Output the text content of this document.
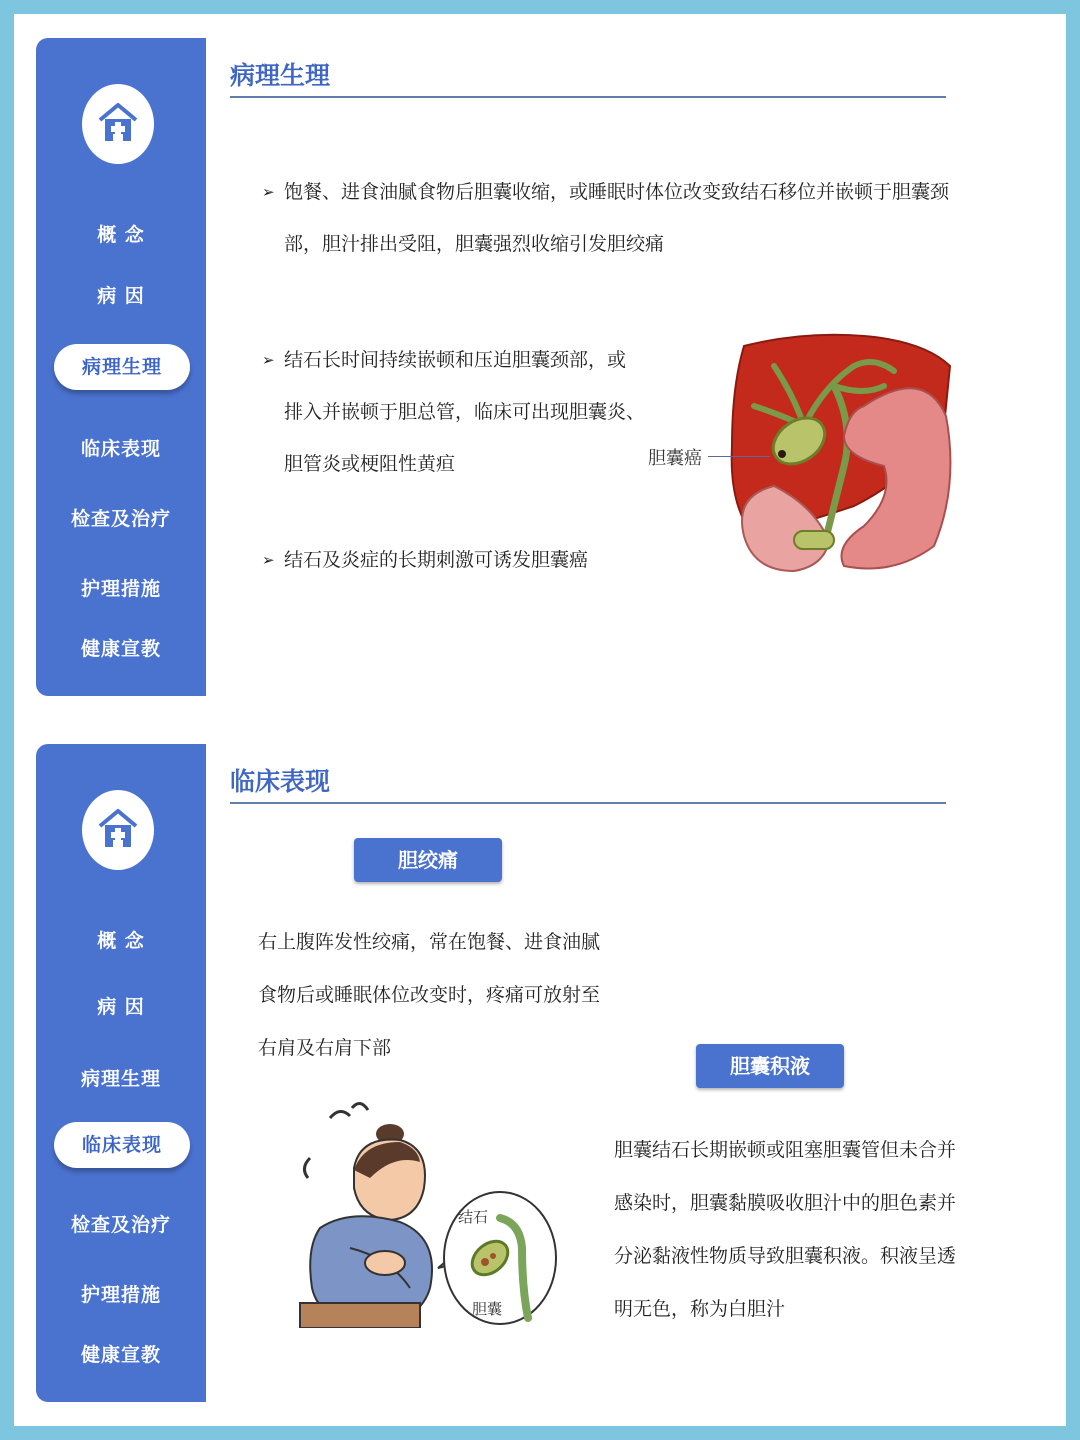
概 念
病 因
病理生理
临床表现
检查及治疗
护理措施
健康宣教
病理生理
➢ 饱餐、进食油腻食物后胆囊收缩，或睡眠时体位改变致结石移位并嵌顿于胆囊颈
部，胆汁排出受阻，胆囊强烈收缩引发胆绞痛
➢ 结石长时间持续嵌顿和压迫胆囊颈部，或
排入并嵌顿于胆总管，临床可出现胆囊炎、
胆管炎或梗阻性黄疸
➢ 结石及炎症的长期刺激可诱发胆囊癌
胆囊癌
概 念
病 因
病理生理
临床表现
检查及治疗
护理措施
健康宣教
临床表现
胆绞痛
右上腹阵发性绞痛，常在饱餐、进食油腻
食物后或睡眠体位改变时，疼痛可放射至
右肩及右肩下部
胆囊积液
胆囊结石长期嵌顿或阻塞胆囊管但未合并
感染时，胆囊黏膜吸收胆汁中的胆色素并
分泌黏液性物质导致胆囊积液。积液呈透
明无色，称为白胆汁
结石
胆囊
